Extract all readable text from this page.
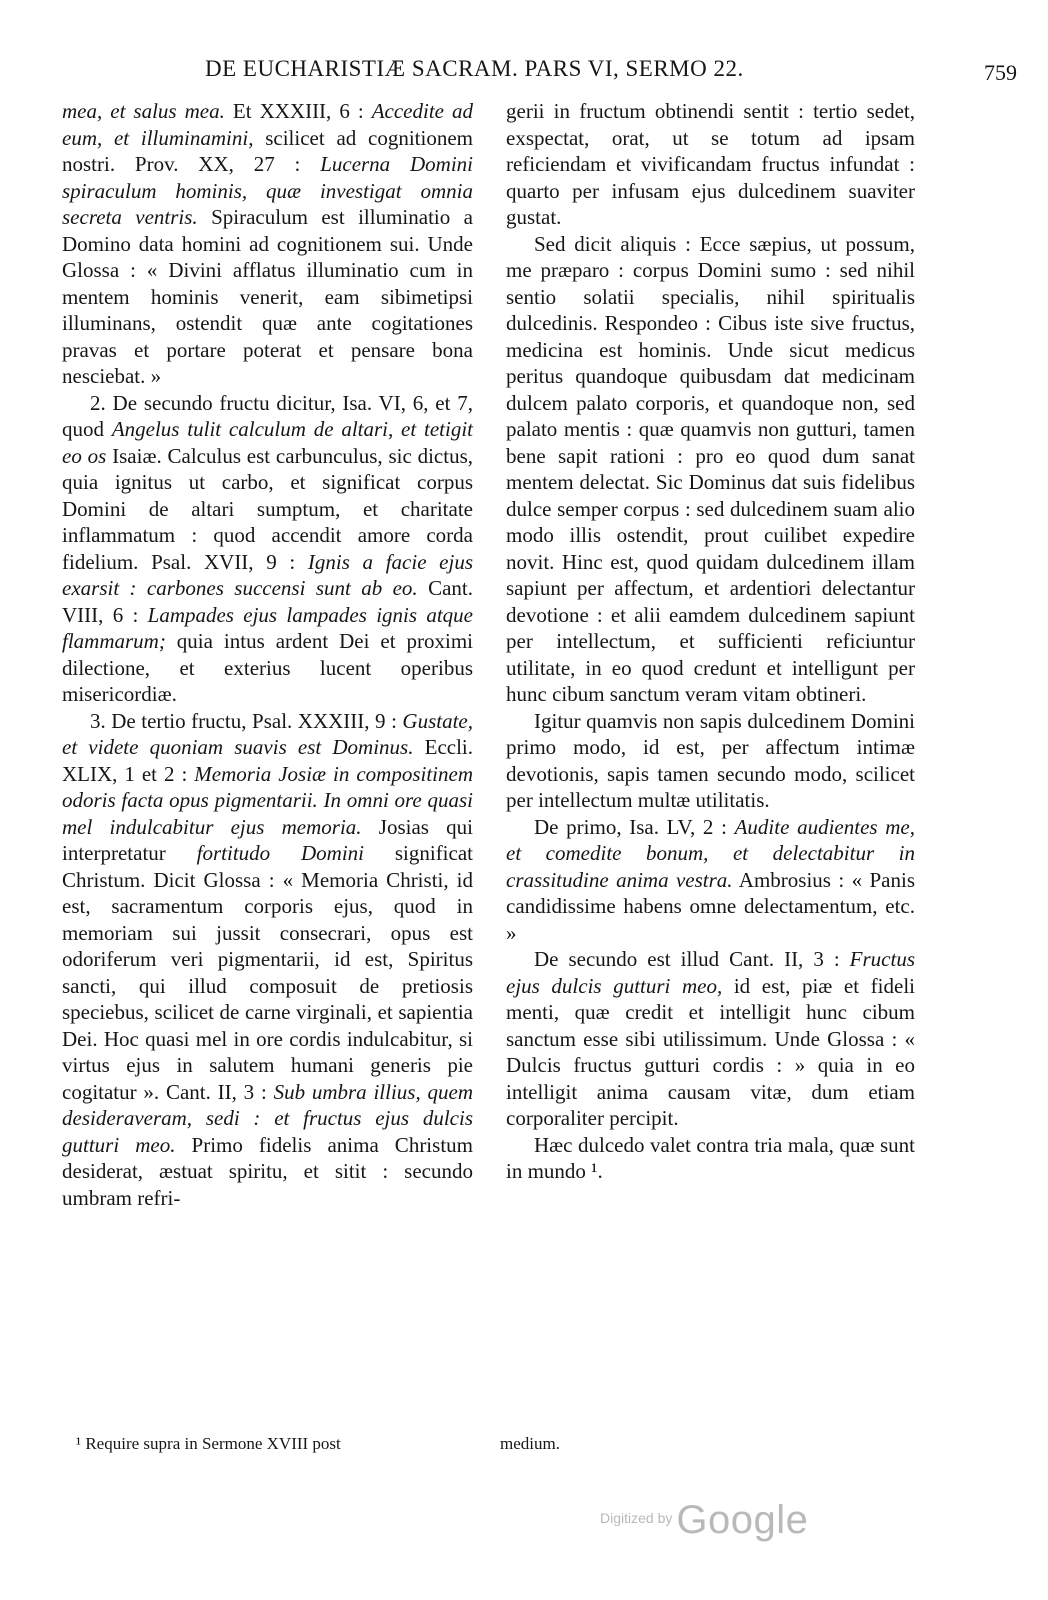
DE EUCHARISTIÆ SACRAM. PARS VI, SERMO 22.	759

mea, et salus mea. Et XXXIII, 6 : Accedite ad eum, et illuminamini, scilicet ad cognitionem nostri. Prov. XX, 27 : Lucerna Domini spiraculum hominis, quæ investigat omnia secreta ventris. Spiraculum est illuminatio a Domino data homini ad cognitionem sui. Unde Glossa : « Divini afflatus illuminatio cum in mentem hominis venerit, eam sibimetipsi illuminans, ostendit quæ ante cogitationes pravas et portare poterat et pensare bona nesciebat. »

2. De secundo fructu dicitur, Isa. VI, 6, et 7, quod Angelus tulit calculum de altari, et tetigit eo os Isaiæ. Calculus est carbunculus, sic dictus, quia ignitus ut carbo, et significat corpus Domini de altari sumptum, et charitate inflammatum : quod accendit amore corda fidelium. Psal. XVII, 9 : Ignis a facie ejus exarsit : carbones succensi sunt ab eo. Cant. VIII, 6 : Lampades ejus lampades ignis atque flammarum; quia intus ardent Dei et proximi dilectione, et exterius lucent operibus misericordiæ.

3. De tertio fructu, Psal. XXXIII, 9 : Gustate, et videte quoniam suavis est Dominus. Eccli. XLIX, 1 et 2 : Memoria Josiæ in compositinem odoris facta opus pigmentarii. In omni ore quasi mel indulcabitur ejus memoria. Josias qui interpretatur fortitudo Domini significat Christum. Dicit Glossa : « Memoria Christi, id est, sacramentum corporis ejus, quod in memoriam sui jussit consecrari, opus est odoriferum veri pigmentarii, id est, Spiritus sancti, qui illud composuit de pretiosis speciebus, scilicet de carne virginali, et sapientia Dei. Hoc quasi mel in ore cordis indulcabitur, si virtus ejus in salutem humani generis pie cogitatur ». Cant. II, 3 : Sub umbra illius, quem desideraveram, sedi : et fructus ejus dulcis gutturi meo. Primo fidelis anima Christum desiderat, æstuat spiritu, et sitit : secundo umbram refri-

gerii in fructum obtinendi sentit : tertio sedet, exspectat, orat, ut se totum ad ipsam reficiendam et vivificandam fructus infundat : quarto per infusam ejus dulcedinem suaviter gustat.

Sed dicit aliquis : Ecce sæpius, ut possum, me præparo : corpus Domini sumo : sed nihil sentio solatii specialis, nihil spiritualis dulcedinis. Respondeo : Cibus iste sive fructus, medicina est hominis. Unde sicut medicus peritus quandoque quibusdam dat medicinam dulcem palato corporis, et quandoque non, sed palato mentis : quæ quamvis non gutturi, tamen bene sapit rationi : pro eo quod dum sanat mentem delectat. Sic Dominus dat suis fidelibus dulce semper corpus : sed dulcedinem suam alio modo illis ostendit, prout cuilibet expedire novit. Hinc est, quod quidam dulcedinem illam sapiunt per affectum, et ardentiori delectantur devotione : et alii eamdem dulcedinem sapiunt per intellectum, et sufficienti reficiuntur utilitate, in eo quod credunt et intelligunt per hunc cibum sanctum veram vitam obtineri.

Igitur quamvis non sapis dulcedinem Domini primo modo, id est, per affectum intimæ devotionis, sapis tamen secundo modo, scilicet per intellectum multæ utilitatis.

De primo, Isa. LV, 2 : Audite audientes me, et comedite bonum, et delectabitur in crassitudine anima vestra. Ambrosius : « Panis candidissime habens omne delectamentum, etc. »

De secundo est illud Cant. II, 3 : Fructus ejus dulcis gutturi meo, id est, piæ et fideli menti, quæ credit et intelligit hunc cibum sanctum esse sibi utilissimum. Unde Glossa : « Dulcis fructus gutturi cordis : » quia in eo intelligit anima causam vitæ, dum etiam corporaliter percipit.

Hæc dulcedo valet contra tria mala, quæ sunt in mundo ¹.

¹ Require supra in Sermone XVIII post	medium.
Digitized by Google
